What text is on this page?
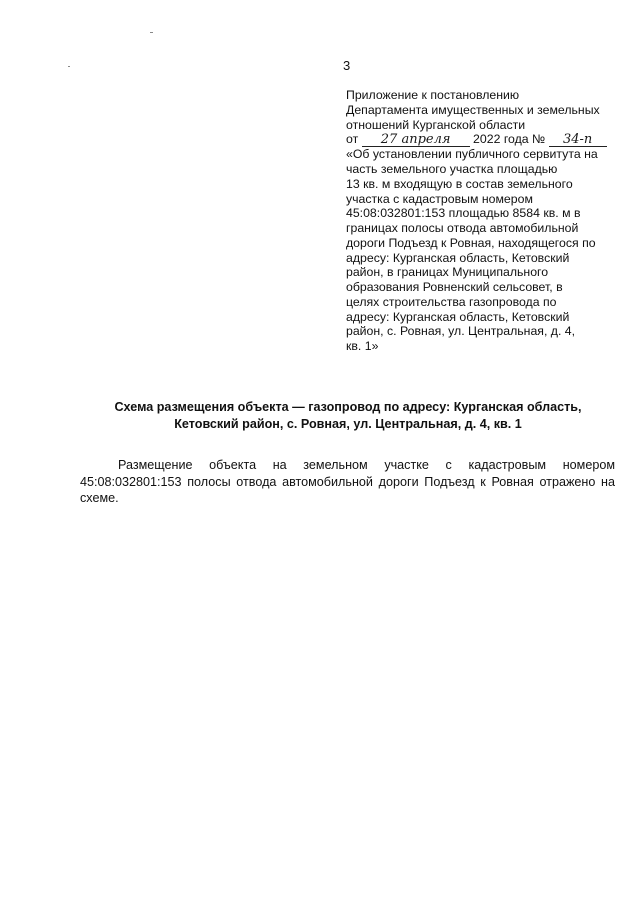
3
Приложение к постановлению
Департамента имущественных и земельных
отношений Курганской области
от 27 апреля 2022 года № 34-п
«Об установлении публичного сервитута на
часть земельного участка площадью
13 кв. м входящую в состав земельного
участка с кадастровым номером
45:08:032801:153 площадью 8584 кв. м в
границах полосы отвода автомобильной
дороги Подъезд к Ровная, находящегося по
адресу: Курганская область, Кетовский
район, в границах Муниципального
образования Ровненский сельсовет, в
целях строительства газопровода по
адресу: Курганская область, Кетовский
район, с. Ровная, ул. Центральная, д. 4,
кв. 1»
Схема размещения объекта — газопровод по адресу: Курганская область,
Кетовский район, с. Ровная, ул. Центральная, д. 4, кв. 1
Размещение объекта на земельном участке с кадастровым номером
45:08:032801:153 полосы отвода автомобильной дороги Подъезд к Ровная отражено на
схеме.
